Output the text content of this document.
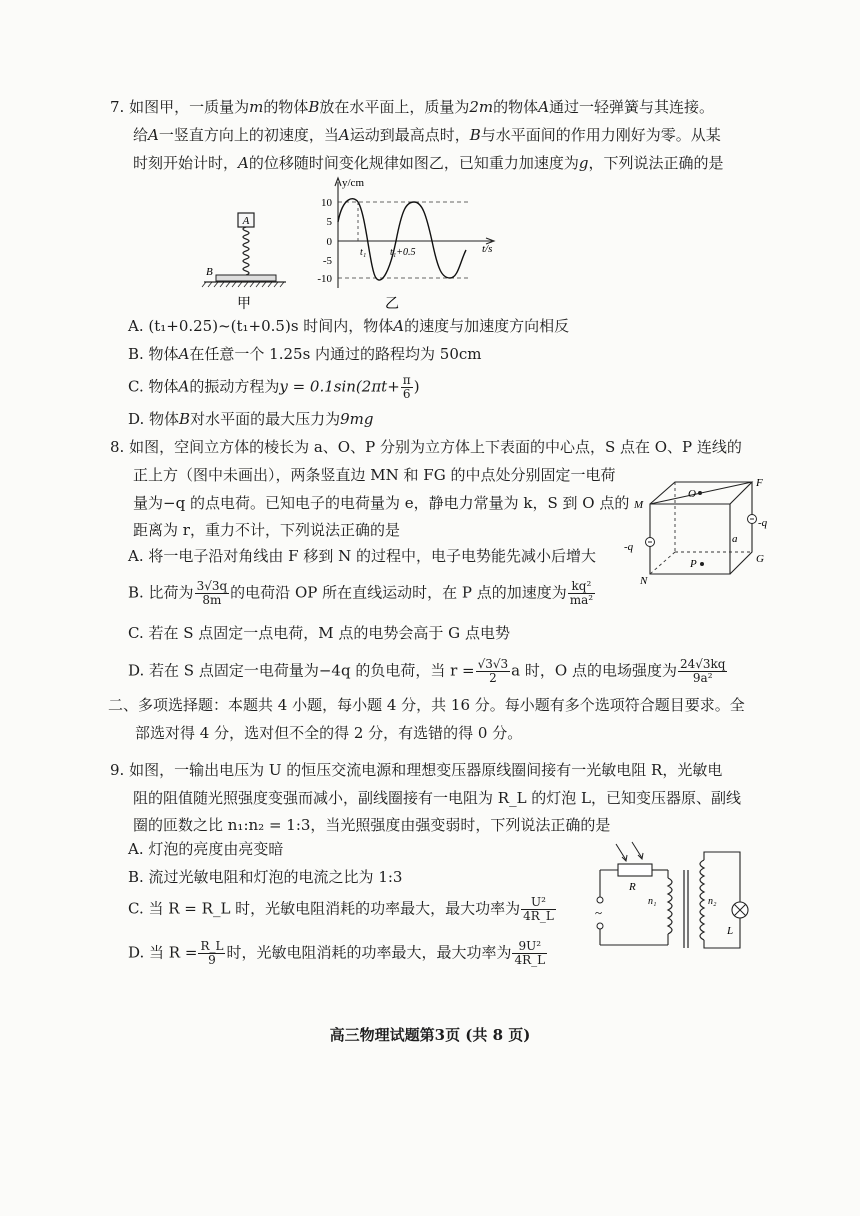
7. 如图甲，一质量为m的物体B放在水平面上，质量为2m的物体A通过一轻弹簧与其连接。
给A一竖直方向上的初速度，当A运动到最高点时，B与水平面间的作用力刚好为零。从某
时刻开始计时，A的位移随时间变化规律如图乙，已知重力加速度为g，下列说法正确的是
A
B
甲
y/cm
t/s
10
5
0
-5
-10
t₁ t₁+0.5
乙
A. (t₁+0.25)~(t₁+0.5)s 时间内，物体A的速度与加速度方向相反
B. 物体A在任意一个 1.25s 内通过的路程均为 50cm
C. 物体A的振动方程为$y = 0.1\sin(2\pi t+ \frac{\pi}{6}$ )
D. 物体B对水平面的最大压力为9mg
8. 如图，空间立方体的棱长为 a、O、P 分别为立方体上下表面的中心点，S 点在 O、P 连线的
正上方（图中未画出），两条竖直边 MN 和 FG 的中点处分别固定一电荷
量为−q 的点电荷。已知电子的电荷量为 e，静电力常量为 k，S 到 O 点的
距离为 r，重力不计，下列说法正确的是
A. 将一电子沿对角线由 F 移到 N 的过程中，电子电势能先减小后增大
B. 比荷为 $\frac{3√3q}{8m}$ 的电荷沿 OP 所在直线运动时，在 P 点的加速度为 $\frac{\text{kq²}}{\text{ma²}}$
C. 若在 S 点固定一点电荷，M 点的电势会高于 G 点电势
D. 若在 S 点固定一电荷量为−4q 的负电荷，当 $r = \frac{√3√3}{2}$ a 时，O 点的电场强度为 $\frac{24√3kq}{\text{9a²}}$
O
F
M
-q
-q
a
N
P	G
二、多项选择题：本题共 4 小题，每小题 4 分，共 16 分。每小题有多个选项符合题目要求。全
部选对得 4 分，选对但不全的得 2 分，有选错的得 0 分。
9. 如图，一输出电压为 U 的恒压交流电源和理想变压器原线圈间接有一光敏电阻 R，光敏电
阻的阻值随光照强度变强而减小，副线圈接有一电阻为 R_L 的灯泡 L，已知变压器原、副线
圈的匝数之比 n₁:n₂ = 1:3，当光照强度由强变弱时，下列说法正确的是
A. 灯泡的亮度由亮变暗
B. 流过光敏电阻和灯泡的电流之比为 1:3
C. 当 R = R_L 时，光敏电阻消耗的功率最大，最大功率为 $\frac{\text{U²}}{4R\_L}$
D. 当 $R = \frac{R\_L}{9}$ 时，光敏电阻消耗的功率最大，最大功率为 $\frac{\text{9U²}}{4R\_L}$
~
R
n₁	n₂
L
高三物理试题第3页 (共 8 页)
